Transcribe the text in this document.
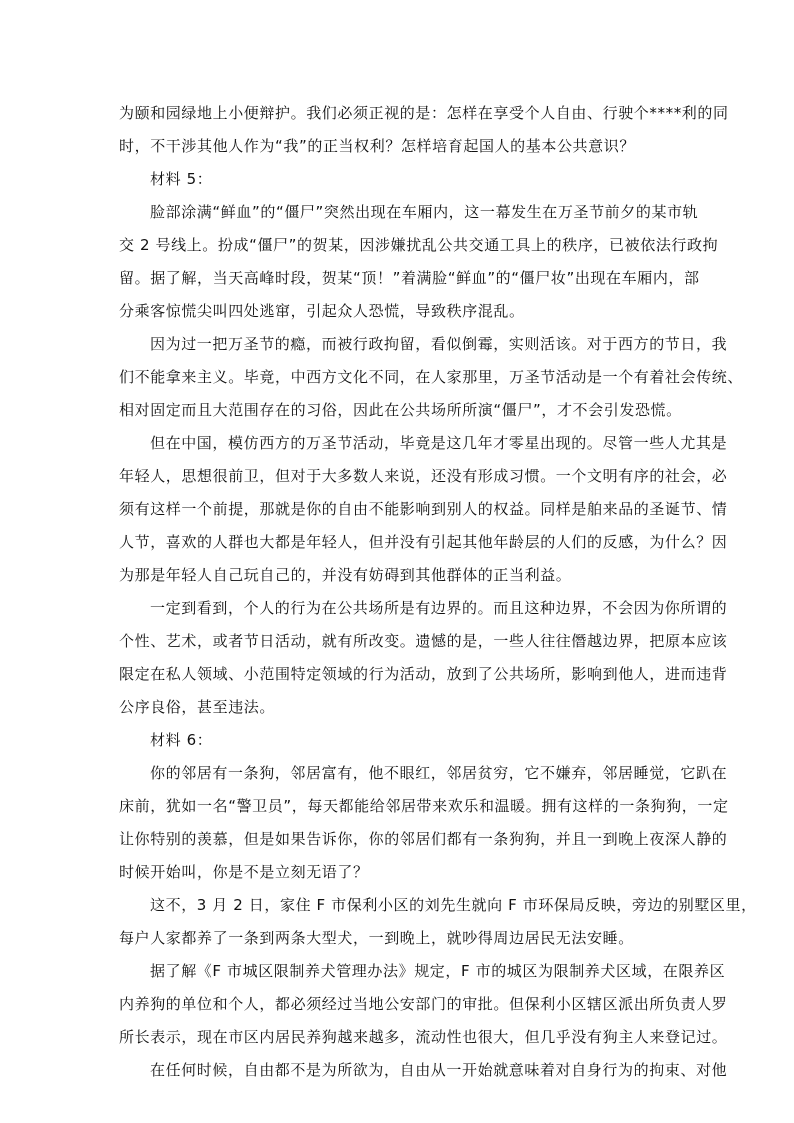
为颐和园绿地上小便辩护。我们必须正视的是：怎样在享受个人自由、行驶个****利的同
时，不干涉其他人作为“我”的正当权利？怎样培育起国人的基本公共意识？
材料 5：
脸部涂满“鲜血”的“僵尸”突然出现在车厢内，这一幕发生在万圣节前夕的某市轨
交 2 号线上。扮成“僵尸”的贺某，因涉嫌扰乱公共交通工具上的秩序，已被依法行政拘
留。据了解，当天高峰时段，贺某“顶！”着满脸“鲜血”的“僵尸妆”出现在车厢内，部
分乘客惊慌尖叫四处逃窜，引起众人恐慌，导致秩序混乱。
因为过一把万圣节的瘾，而被行政拘留，看似倒霉，实则活该。对于西方的节日，我
们不能拿来主义。毕竟，中西方文化不同，在人家那里，万圣节活动是一个有着社会传统、
相对固定而且大范围存在的习俗，因此在公共场所所演“僵尸”，才不会引发恐慌。
但在中国，模仿西方的万圣节活动，毕竟是这几年才零星出现的。尽管一些人尤其是
年轻人，思想很前卫，但对于大多数人来说，还没有形成习惯。一个文明有序的社会，必
须有这样一个前提，那就是你的自由不能影响到别人的权益。同样是舶来品的圣诞节、情
人节，喜欢的人群也大都是年轻人，但并没有引起其他年龄层的人们的反感，为什么？因
为那是年轻人自己玩自己的，并没有妨碍到其他群体的正当利益。
一定到看到，个人的行为在公共场所是有边界的。而且这种边界，不会因为你所谓的
个性、艺术，或者节日活动，就有所改变。遗憾的是，一些人往往僭越边界，把原本应该
限定在私人领域、小范围特定领域的行为活动，放到了公共场所，影响到他人，进而违背
公序良俗，甚至违法。
材料 6：
你的邻居有一条狗，邻居富有，他不眼红，邻居贫穷，它不嫌弃，邻居睡觉，它趴在
床前，犹如一名“警卫员”，每天都能给邻居带来欢乐和温暖。拥有这样的一条狗狗，一定
让你特别的羡慕，但是如果告诉你，你的邻居们都有一条狗狗，并且一到晚上夜深人静的
时候开始叫，你是不是立刻无语了？
这不，3 月 2 日，家住 F 市保利小区的刘先生就向 F 市环保局反映，旁边的别墅区里，
每户人家都养了一条到两条大型犬，一到晚上，就吵得周边居民无法安睡。
据了解《F 市城区限制养犬管理办法》规定，F 市的城区为限制养犬区域，在限养区
内养狗的单位和个人，都必须经过当地公安部门的审批。但保利小区辖区派出所负责人罗
所长表示，现在市区内居民养狗越来越多，流动性也很大，但几乎没有狗主人来登记过。
在任何时候，自由都不是为所欲为，自由从一开始就意味着对自身行为的拘束、对他
